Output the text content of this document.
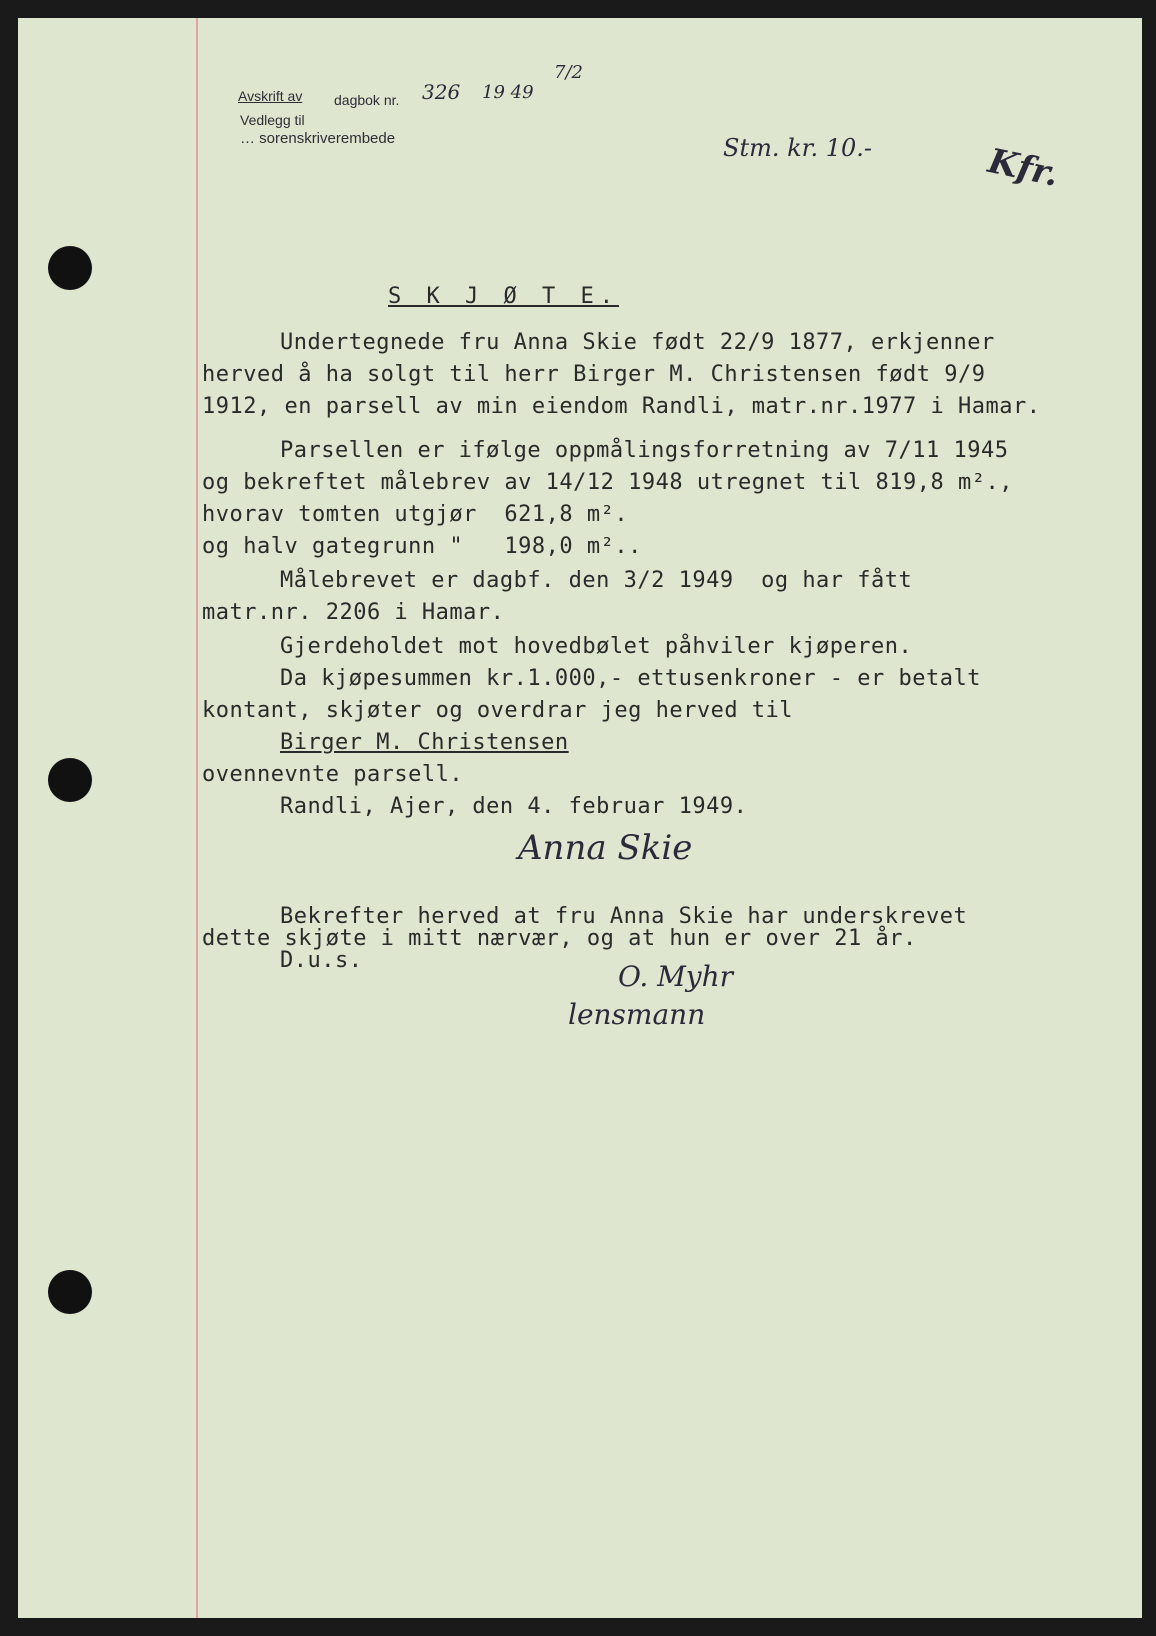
Avskrift av dagbok nr. 326 19 49
7/2
Vedlegg til
… sorenskriverembede	Stm. kr. 10.-	Kfr.
S K J Ø T E.
Undertegnede fru Anna Skie født 22/9 1877, erkjenner
herved å ha solgt til herr Birger M. Christensen født 9/9
1912, en parsell av min eiendom Randli, matr.nr.1977 i Hamar.
Parsellen er ifølge oppmålingsforretning av 7/11 1945
og bekreftet målebrev av 14/12 1948 utregnet til 819,8 m².,
hvorav tomten utgjør  621,8 m².
og halv gategrunn "   198,0 m²..
Målebrevet er dagbf. den 3/2 1949  og har fått
matr.nr. 2206 i Hamar.
Gjerdeholdet mot hovedbølet påhviler kjøperen.
Da kjøpesummen kr.1.000,- ettusenkroner - er betalt
kontant, skjøter og overdrar jeg herved til
Birger M. Christensen
ovennevnte parsell.
Randli, Ajer, den 4. februar 1949.
Anna Skie
Bekrefter herved at fru Anna Skie har underskrevet
dette skjøte i mitt nærvær, og at hun er over 21 år.
D.u.s.	O. Myhr
lensmann
